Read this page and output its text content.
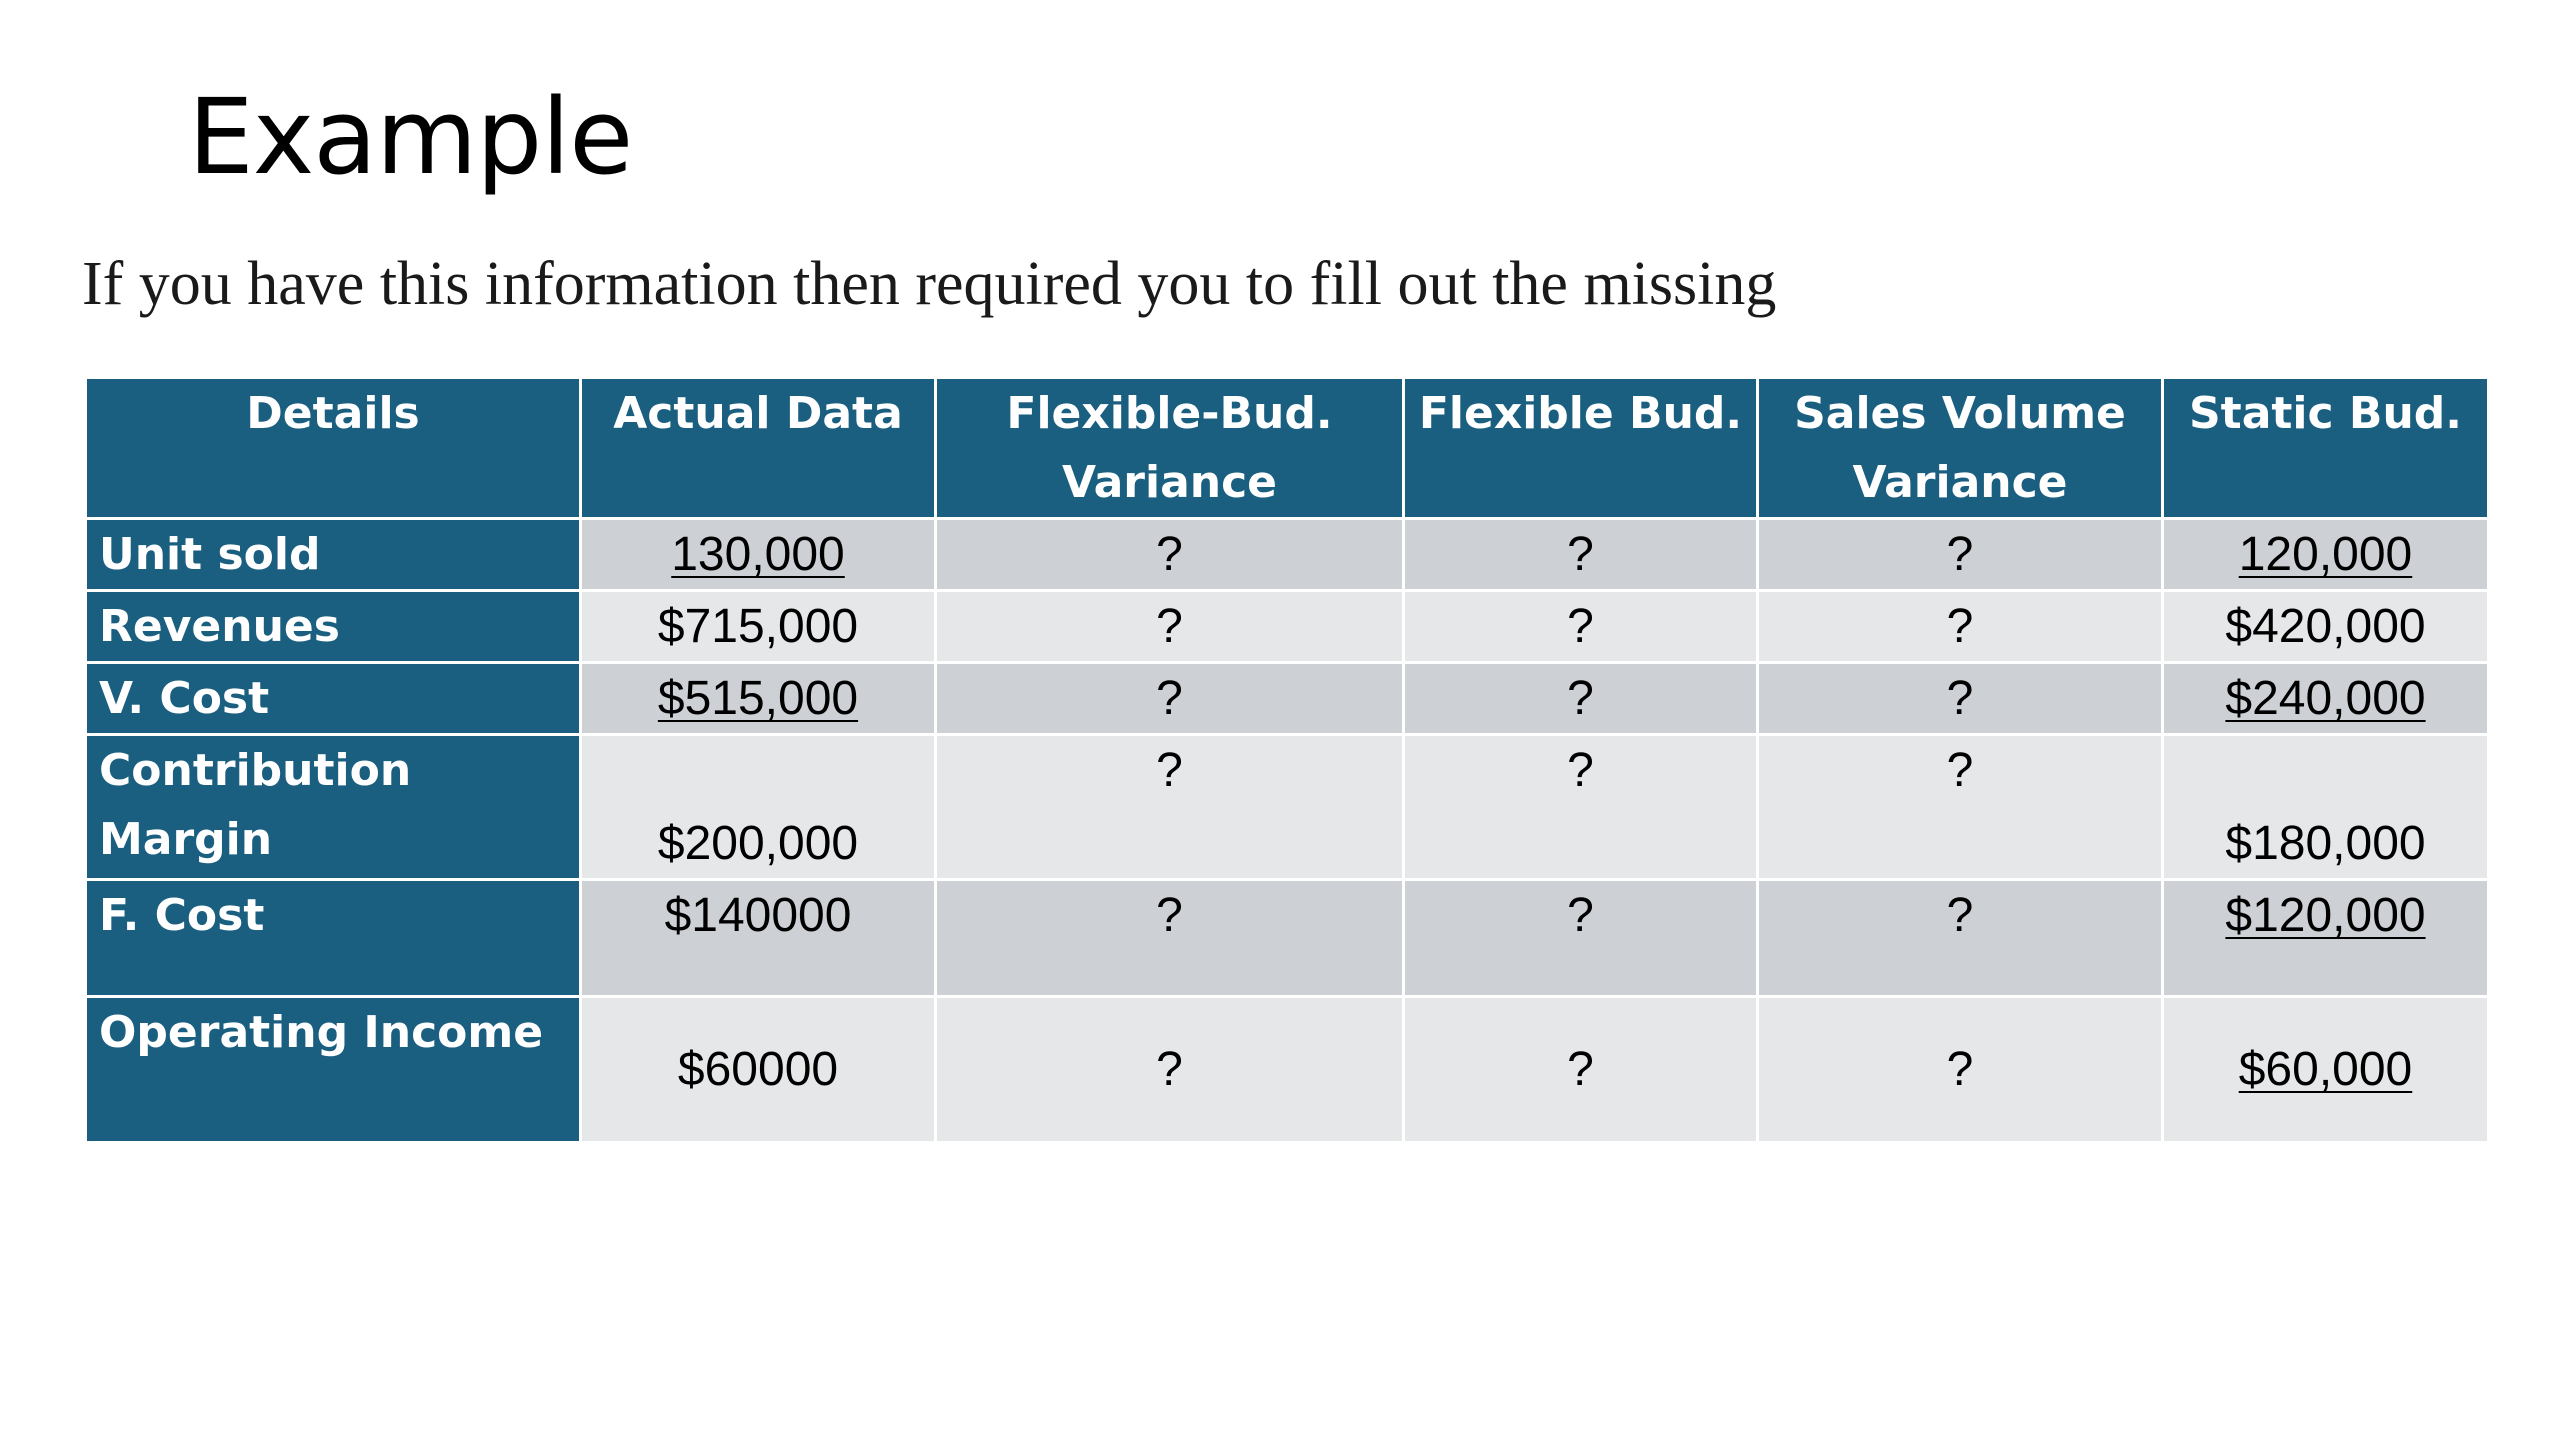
Example
If you have this information then required you to fill out the missing
Details	Actual Data	Flexible-Bud. Variance	Flexible Bud.	Sales Volume Variance	Static Bud.
Unit sold	130,000	?	?	?	120,000
Revenues	$715,000	?	?	?	$420,000
V. Cost	$515,000	?	?	?	$240,000
Contribution Margin	$200,000	?	?	?	$180,000
F. Cost	$140000	?	?	?	$120,000
Operating Income	$60000	?	?	?	$60,000
